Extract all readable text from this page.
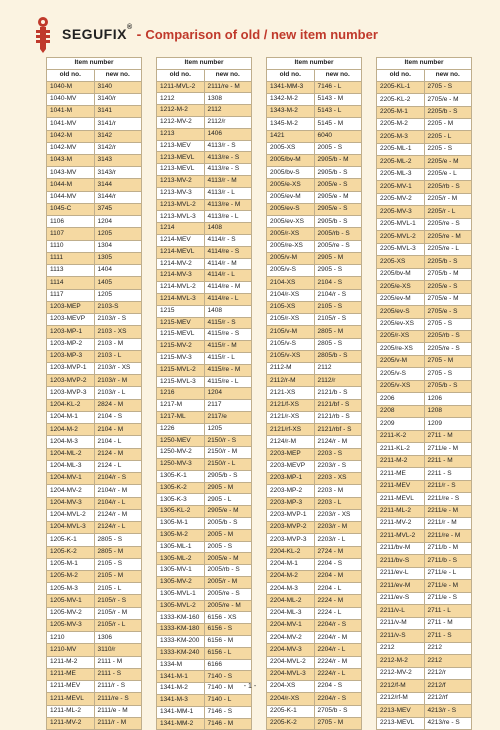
SEGUFIX® - Comparison of old / new item number
Item number	
old no.	new no.
1040-M	3140
1040-MV	3140/r
1041-M	3141
1041-MV	3141/r
1042-M	3142
1042-MV	3142/r
1043-M	3143
1043-MV	3143/r
1044-M	3144
1044-MV	3144/r
1045-C	3745
1106	1204
1107	1205
1110	1304
1111	1305
1113	1404
1114	1405
1117	1205
1203-MEP	2103-S
1203-MEVP	2103/r - S
1203-MP-1	2103 - XS
1203-MP-2	2103 - M
1203-MP-3	2103 - L
1203-MVP-1	2103/r - XS
1203-MVP-2	2103/r - M
1203-MVP-3	2103/r - L
1204-KL-2	2824 - M
1204-M-1	2104 - S
1204-M-2	2104 - M
1204-M-3	2104 - L
1204-ML-2	2124 - M
1204-ML-3	2124 - L
1204-MV-1	2104/r - S
1204-MV-2	2104/r - M
1204-MV-3	2104/r - L
1204-MVL-2	2124/r - M
1204-MVL-3	2124/r - L
1205-K-1	2805 - S
1205-K-2	2805 - M
1205-M-1	2105 - S
1205-M-2	2105 - M
1205-M-3	2105 - L
1205-MV-1	2105/r - S
1205-MV-2	2105/r - M
1205-MV-3	2105/r - L
1210	1306
1210-MV	3110/r
1211-M-2	2111 - M
1211-ME	2111 - S
1211-MEV	2111/r - S
1211-MEVL	2111/re - S
1211-ML-2	2111/e - M
1211-MV-2	2111/r - M
Item number	
old no.	new no.
1211-MVL-2	2111/re - M
1212	1308
1212-M-2	2112
1212-MV-2	2112/r
1213	1406
1213-MEV	4113/r - S
1213-MEVL	4113/re - S
1213-MEVL	4113/re - S
1213-MV-2	4113/r - M
1213-MV-3	4113/r - L
1213-MVL-2	4113/re - M
1213-MVL-3	4113/re - L
1214	1408
1214-MEV	4114/r - S
1214-MEVL	4114/re - S
1214-MV-2	4114/r - M
1214-MV-3	4114/r - L
1214-MVL-2	4114/re - M
1214-MVL-3	4114/re - L
1215	1408
1215-MEV	4115/r - S
1215-MEVL	4115/re - S
1215-MV-2	4115/r - M
1215-MV-3	4115/r - L
1215-MVL-2	4115/re - M
1215-MVL-3	4115/re - L
1216	1204
1217-M	2117
1217-ML	2117/e
1226	1205
1250-MEV	2150/r - S
1250-MV-2	2150/r - M
1250-MV-3	2150/r - L
1305-K-1	2905/b - S
1305-K-2	2905 - M
1305-K-3	2905 - L
1305-KL-2	2905/e - M
1305-M-1	2005/b - S
1305-M-2	2005 - M
1305-ML-1	2005 - S
1305-ML-2	2005/e - M
1305-MV-1	2005/rb - S
1305-MV-2	2005/r - M
1305-MVL-1	2005/re - S
1305-MVL-2	2005/re - M
1333-KM-160	6156 - XS
1333-KM-180	6156 - S
1333-KM-200	6156 - M
1333-KM-240	6156 - L
1334-M	6166
1341-M-1	7140 - S
1341-M-2	7140 - M
1341-M-3	7140 - L
1341-MM-1	7146 - S
1341-MM-2	7146 - M
Item number	
old no.	new no.
1341-MM-3	7146 - L
1342-M-2	5143 - M
1343-M-2	5143 - L
1345-M-2	5145 - M
1421	6040
2005-XS	2005 - S
2005/bv-M	2905/b - M
2005/bv-S	2905/b - S
2005/e-XS	2005/e - S
2005/ev-M	2905/e - M
2005/ev-S	2905/e - S
2005/ev-XS	2905/b - S
2005/r-XS	2005/rb - S
2005/re-XS	2005/re - S
2005/v-M	2905 - M
2005/v-S	2905 - S
2104-XS	2104 - S
2104/r-XS	2104/r - S
2105-XS	2105 - S
2105/r-XS	2105/r - S
2105/v-M	2805 - M
2105/v-S	2805 - S
2105/v-XS	2805/b - S
2112-M	2112
2112/r-M	2112/r
2121-XS	2121/b - S
2121/f-XS	2121/bf - S
2121/r-XS	2121/rb - S
2121/rf-XS	2121/rbf - S
2124/r-M	2124/r - M
2203-MEP	2203 - S
2203-MEVP	2203/r - S
2203-MP-1	2203 - XS
2203-MP-2	2203 - M
2203-MP-3	2203 - L
2203-MVP-1	2203/r - XS
2203-MVP-2	2203/r - M
2203-MVP-3	2203/r - L
2204-KL-2	2724 - M
2204-M-1	2204 - S
2204-M-2	2204 - M
2204-M-3	2204 - L
2204-ML-2	2224 - M
2204-ML-3	2224 - L
2204-MV-1	2204/r - S
2204-MV-2	2204/r - M
2204-MV-3	2204/r - L
2204-MVL-2	2224/r - M
2204-MVL-3	2224/r - L
2204-XS	2204 - S
2204/r-XS	2204/r - S
2205-K-1	2705/b - S
2205-K-2	2705 - M
Item number	
old no.	new no.
2205-KL-1	2705 - S
2205-KL-2	2705/e - M
2205-M-1	2205/b - S
2205-M-2	2205 - M
2205-M-3	2205 - L
2205-ML-1	2205 - S
2205-ML-2	2205/e - M
2205-ML-3	2205/e - L
2205-MV-1	2205/rb - S
2205-MV-2	2205/r - M
2205-MV-3	2205/r - L
2205-MVL-1	2205/re - S
2205-MVL-2	2205/re - M
2205-MVL-3	2205/re - L
2205-XS	2205/b - S
2205/bv-M	2705/b - M
2205/e-XS	2205/e - S
2205/ev-M	2705/e - M
2205/ev-S	2705/e - S
2205/ev-XS	2705 - S
2205/r-XS	2205/rb - S
2205/re-XS	2205/re - S
2205/v-M	2705 - M
2205/v-S	2705 - S
2205/v-XS	2705/b - S
2206	1206
2208	1208
2209	1209
2211-K-2	2711 - M
2211-KL-2	2711/e - M
2211-M-2	2211 - M
2211-ME	2211 - S
2211-MEV	2211/r - S
2211-MEVL	2211/re - S
2211-ML-2	2211/e - M
2211-MV-2	2211/r - M
2211-MVL-2	2211/re - M
2211/bv-M	2711/b - M
2211/bv-S	2711/b - S
2211/ev-L	2711/e - L
2211/ev-M	2711/e - M
2211/ev-S	2711/e - S
2211/v-L	2711 - L
2211/v-M	2711 - M
2211/v-S	2711 - S
2212	2212
2212-M-2	2212
2212-MV-2	2212/r
2212/f-M	2212/f
2212/rf-M	2212/rf
2213-MEV	4213/r - S
2213-MEVL	4213/re - S
- 1 -
